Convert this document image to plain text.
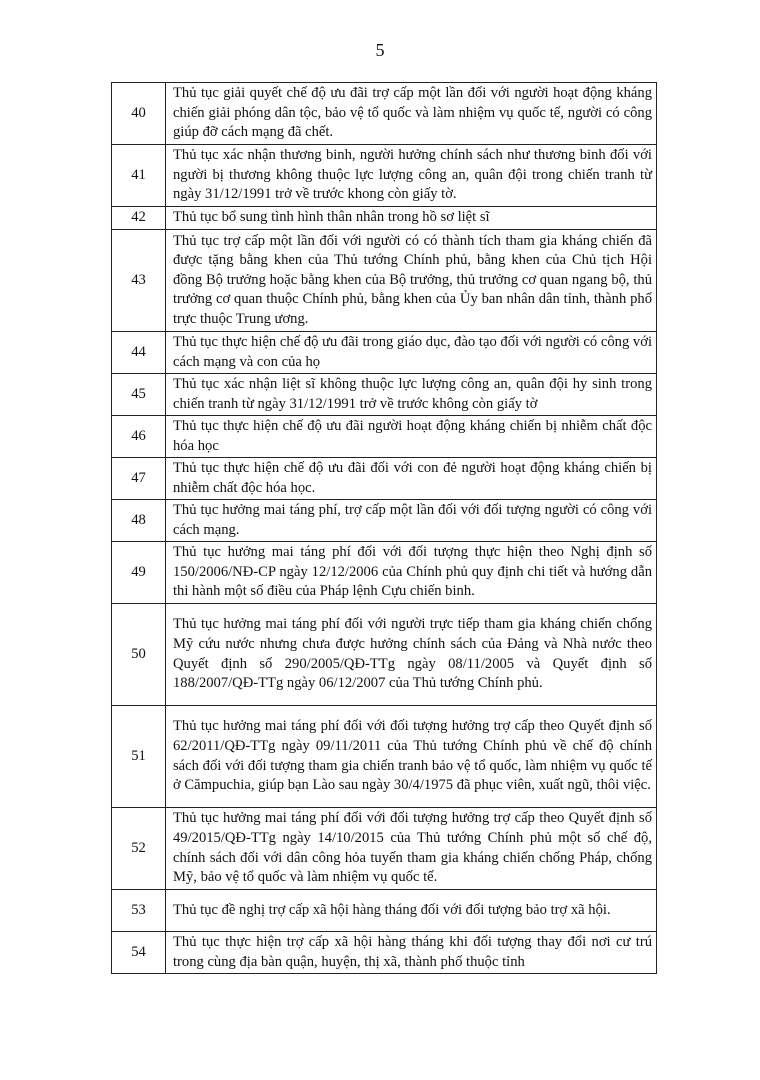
5
40	Thủ tục giải quyết chế độ ưu đãi trợ cấp một lần đối với người hoạt động kháng chiến giải phóng dân tộc, bảo vệ tổ quốc và làm nhiệm vụ quốc tế, người có công giúp đỡ cách mạng đã chết.
41	Thủ tục xác nhận thương binh, người hưởng chính sách như thương binh đối với người bị thương không thuộc lực lượng công an, quân đội trong chiến tranh từ ngày 31/12/1991 trở về trước khong còn giấy tờ.
42	Thủ tục bổ sung tình hình thân nhân trong hồ sơ liệt sĩ
43	Thủ tục trợ cấp một lần đối với người có có thành tích tham gia kháng chiến đã được tặng bằng khen của Thủ tướng Chính phủ, bằng khen của Chủ tịch Hội đồng Bộ trưởng hoặc bằng khen của Bộ trưởng, thủ trưởng cơ quan ngang bộ, thủ trưởng cơ quan thuộc Chính phủ, bằng khen của Ủy ban nhân dân tỉnh, thành phố trực thuộc Trung ương.
44	Thủ tục thực hiện chế độ ưu đãi trong giáo dục, đào tạo đối với người có công với cách mạng và con của họ
45	Thủ tục xác nhận liệt sĩ không thuộc lực lượng công an, quân đội hy sinh trong chiến tranh từ ngày 31/12/1991 trở về trước không còn giấy tờ
46	Thủ tục thực hiện chế độ ưu đãi người hoạt động kháng chiến bị nhiễm chất độc hóa học
47	Thủ tục thực hiện chế độ ưu đãi đối với con đẻ người hoạt động kháng chiến bị nhiễm chất độc hóa học.
48	Thủ tục hưởng mai táng phí, trợ cấp một lần đối với đối tượng người có công với cách mạng.
49	Thủ tục hưởng mai táng phí đối với đối tượng thực hiện theo Nghị định số 150/2006/NĐ-CP ngày 12/12/2006 của Chính phủ quy định chi tiết và hướng dẫn thi hành một số điều của Pháp lệnh Cựu chiến binh.
50	Thủ tục hưởng mai táng phí đối với người trực tiếp tham gia kháng chiến chống Mỹ cứu nước nhưng chưa được hưởng chính sách của Đảng và Nhà nước theo Quyết định số 290/2005/QĐ-TTg ngày 08/11/2005 và Quyết định số 188/2007/QĐ-TTg ngày 06/12/2007 của Thủ tướng Chính phủ.
51	Thủ tục hưởng mai táng phí đối với đối tượng hưởng trợ cấp theo Quyết định số 62/2011/QĐ-TTg ngày 09/11/2011 của Thủ tướng Chính phủ về chế độ chính sách đối với đối tượng tham gia chiến tranh bảo vệ tổ quốc, làm nhiệm vụ quốc tế ở Cămpuchia, giúp bạn Lào sau ngày 30/4/1975 đã phục viên, xuất ngũ, thôi việc.
52	Thủ tục hưởng mai táng phí đối với đối tượng hưởng trợ cấp theo Quyết định số 49/2015/QĐ-TTg ngày 14/10/2015 của Thủ tướng Chính phủ một số chế độ, chính sách đối với dân công hỏa tuyến tham gia kháng chiến chống Pháp, chống Mỹ, bảo vệ tổ quốc và làm nhiệm vụ quốc tế.
53	Thủ tục đề nghị trợ cấp xã hội hàng tháng đối với đối tượng bảo trợ xã hội.
54	Thủ tục thực hiện trợ cấp xã hội hàng tháng khi đối tượng thay đổi nơi cư trú trong cùng địa bàn quận, huyện, thị xã, thành phố thuộc tỉnh
